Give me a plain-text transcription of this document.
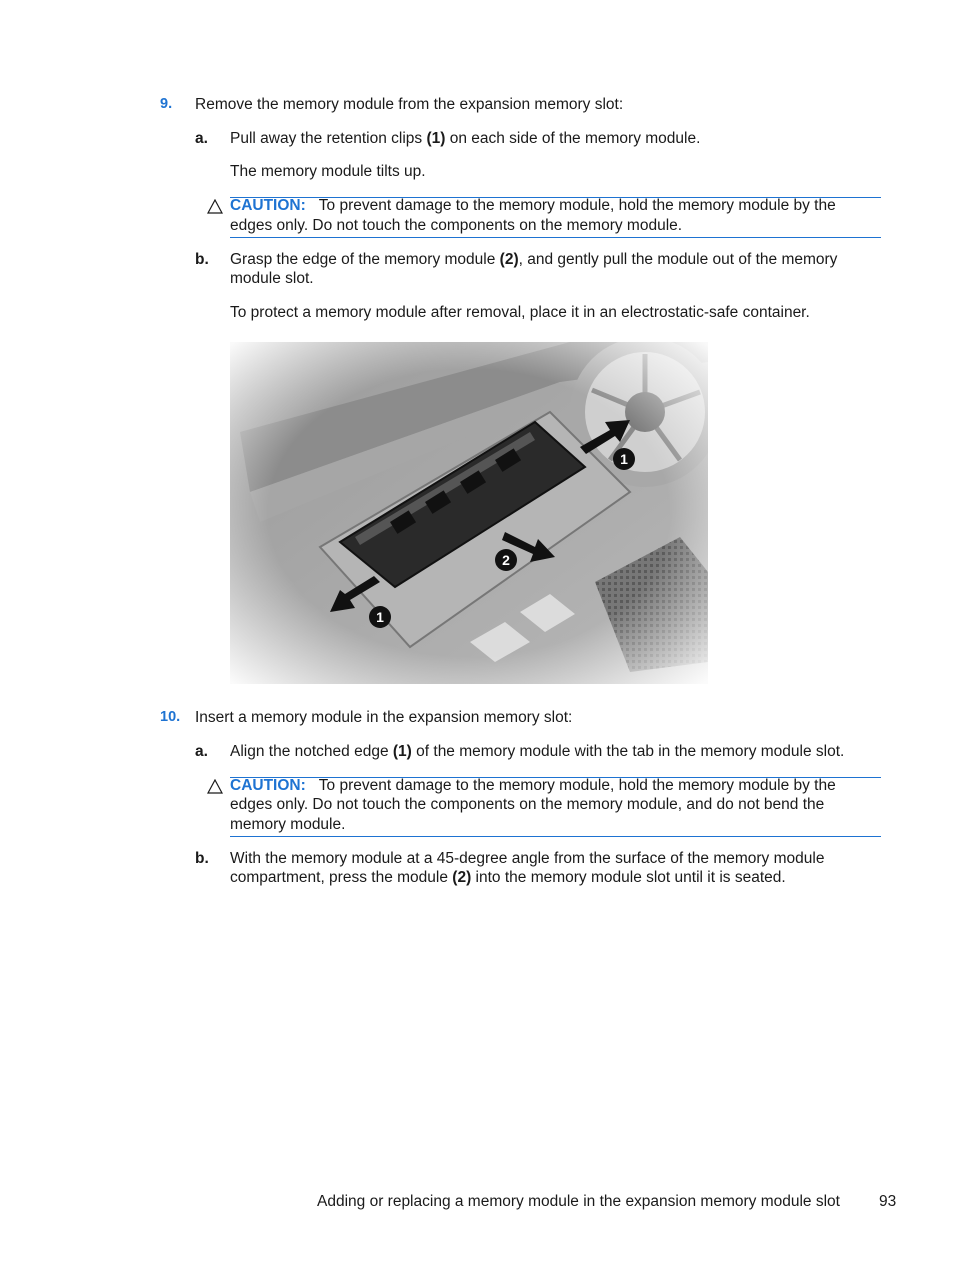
9. Remove the memory module from the expansion memory slot:
a. Pull away the retention clips (1) on each side of the memory module.
The memory module tilts up.
CAUTION: To prevent damage to the memory module, hold the memory module by the
edges only. Do not touch the components on the memory module.
b. Grasp the edge of the memory module (2), and gently pull the module out of the memory
module slot.
To protect a memory module after removal, place it in an electrostatic-safe container.
10. Insert a memory module in the expansion memory slot:
a. Align the notched edge (1) of the memory module with the tab in the memory module slot.
CAUTION: To prevent damage to the memory module, hold the memory module by the
edges only. Do not touch the components on the memory module, and do not bend the
memory module.
b. With the memory module at a 45-degree angle from the surface of the memory module
compartment, press the module (2) into the memory module slot until it is seated.
Adding or replacing a memory module in the expansion memory module slot	93
